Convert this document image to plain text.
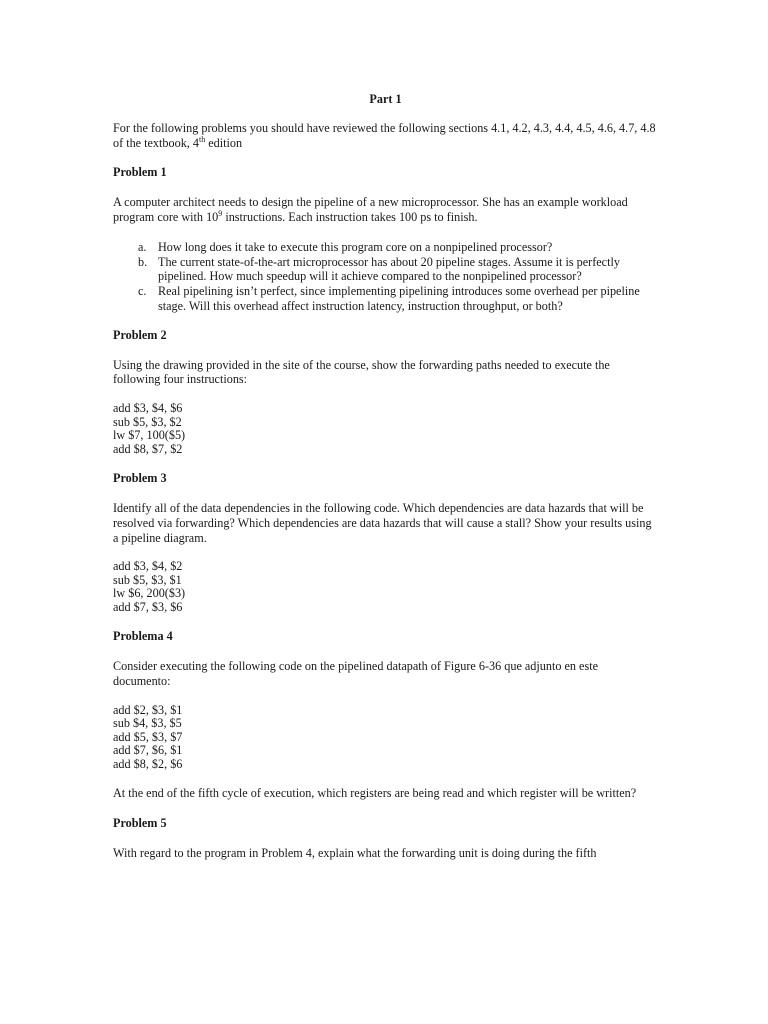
Part 1

For the following problems you should have reviewed the following sections 4.1, 4.2, 4.3, 4.4, 4.5, 4.6, 4.7, 4.8 of the textbook, 4th edition

Problem 1

A computer architect needs to design the pipeline of a new microprocessor. She has an example workload program core with $10^9$ instructions. Each instruction takes 100 ps to finish.

a. How long does it take to execute this program core on a nonpipelined processor?
b. The current state-of-the-art microprocessor has about 20 pipeline stages. Assume it is perfectly pipelined. How much speedup will it achieve compared to the nonpipelined processor?
c. Real pipelining isn’t perfect, since implementing pipelining introduces some overhead per pipeline stage. Will this overhead affect instruction latency, instruction throughput, or both?
Problem 2

Using the drawing provided in the site of the course, show the forwarding paths needed to execute the following four instructions:

add $3, $4, $6
sub $5, $3, $2
lw $7, 100($5)
add $8, $7, $2
Problem 3

Identify all of the data dependencies in the following code. Which dependencies are data hazards that will be resolved via forwarding? Which dependencies are data hazards that will cause a stall? Show your results using a pipeline diagram.

add $3, $4, $2
sub $5, $3, $1
lw $6, 200($3)
add $7, $3, $6
Problema 4

Consider executing the following code on the pipelined datapath of Figure 6-36 que adjunto en este documento:

add $2, $3, $1
sub $4, $3, $5
add $5, $3, $7
add $7, $6, $1
add $8, $2, $6

At the end of the fifth cycle of execution, which registers are being read and which register will be written?

Problem 5

With regard to the program in Problem 4, explain what the forwarding unit is doing during the fifth
